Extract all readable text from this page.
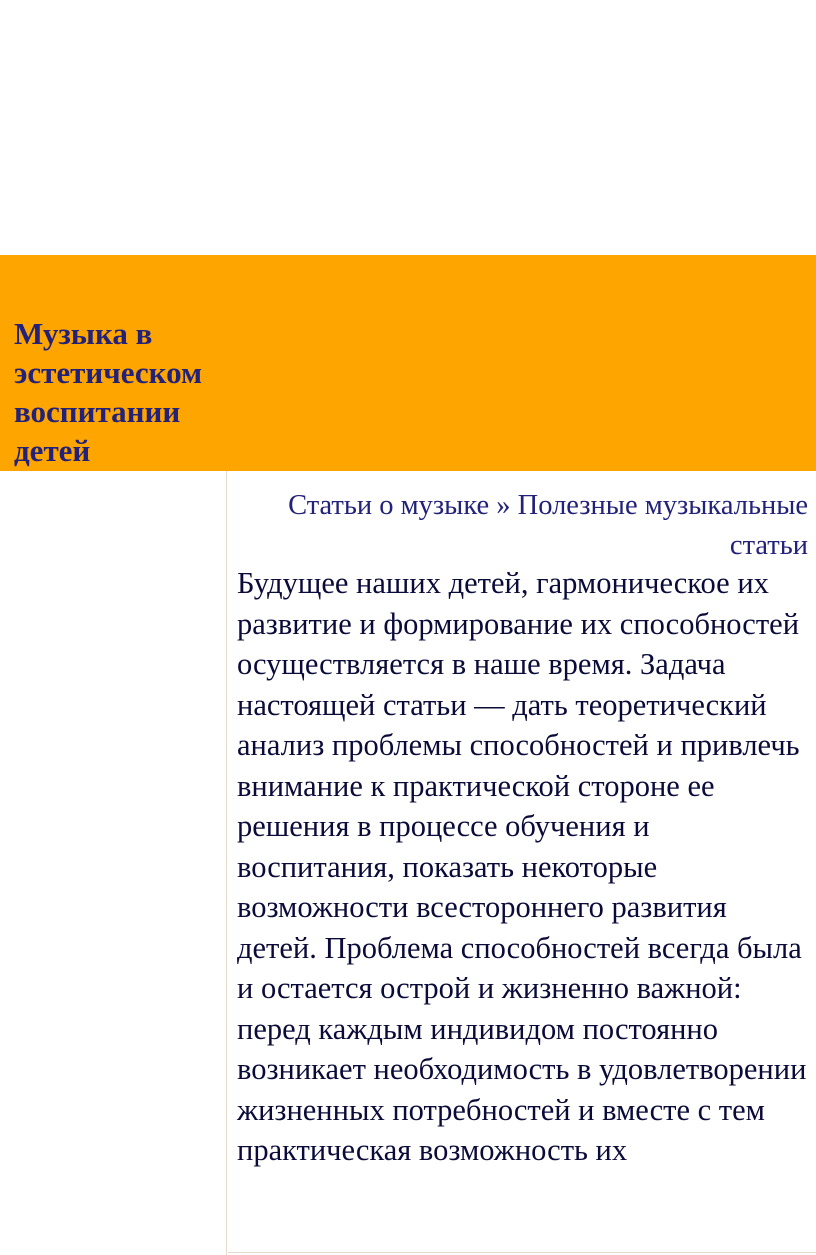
Музыка в эстетическом воспитании детей
Статьи о музыке » Полезные музыкальные статьи

Будущее наших детей, гармоническое их развитие и формирование их способностей осуществляется в наше время. Задача настоящей статьи — дать теоретический анализ проблемы способностей и привлечь внимание к практической стороне ее решения в процессе обучения и воспитания, показать некоторые возможности всестороннего развития детей. Проблема способностей всегда была и остается острой и жизненно важной: перед каждым индивидом постоянно возникает необходимость в удовлетворении жизненных потребностей и вместе с тем практическая возможность их
